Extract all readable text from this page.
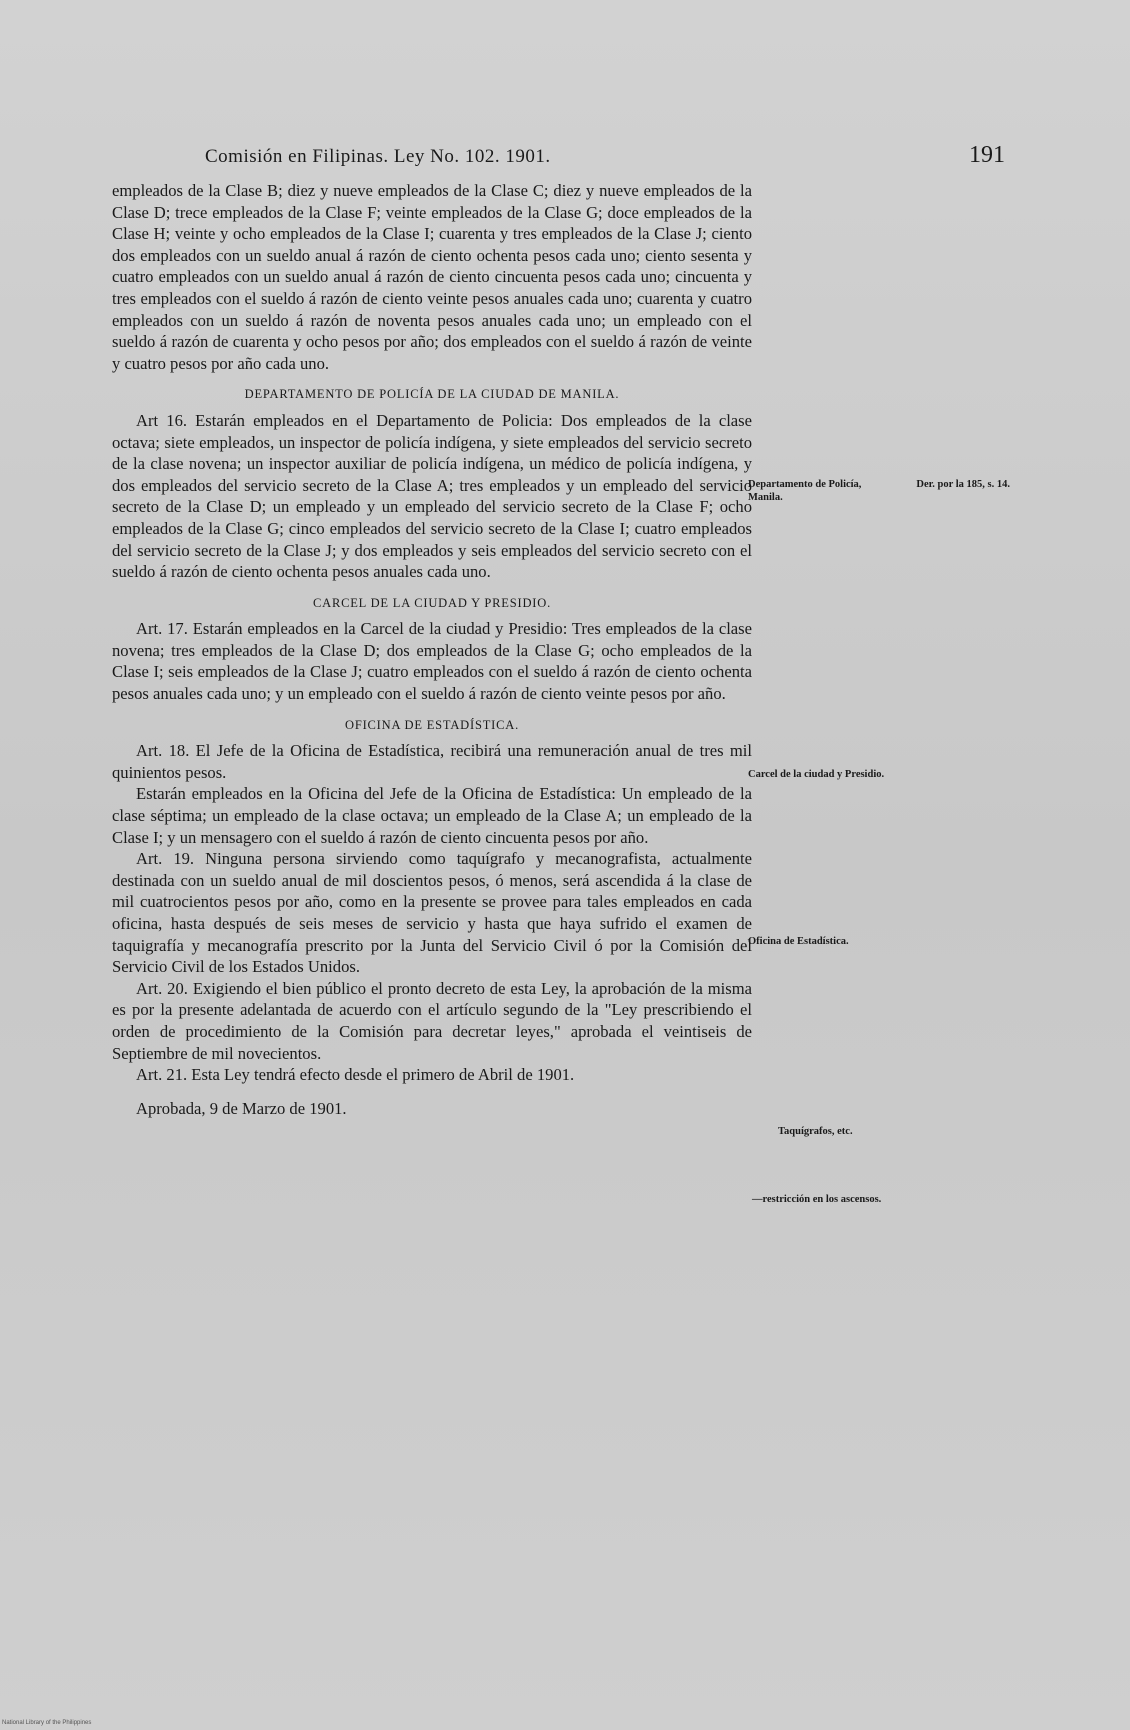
Comisión en Filipinas. Ley No. 102. 1901.	191

empleados de la Clase B; diez y nueve empleados de la Clase C; diez y nueve empleados de la Clase D; trece empleados de la Clase F; veinte empleados de la Clase G; doce empleados de la Clase H; veinte y ocho empleados de la Clase I; cuarenta y tres empleados de la Clase J; ciento dos empleados con un sueldo anual á razón de ciento ochenta pesos cada uno; ciento sesenta y cuatro empleados con un sueldo anual á razón de ciento cincuenta pesos cada uno; cincuenta y tres empleados con el sueldo á razón de ciento veinte pesos anuales cada uno; cuarenta y cuatro empleados con un sueldo á razón de noventa pesos anuales cada uno; un empleado con el sueldo á razón de cuarenta y ocho pesos por año; dos empleados con el sueldo á razón de veinte y cuatro pesos por año cada uno.

DEPARTAMENTO DE POLICÍA DE LA CIUDAD DE MANILA.

Art 16. Estarán empleados en el Departamento de Policia: Dos empleados de la clase octava; siete empleados, un inspector de policía indígena, y siete empleados del servicio secreto de la clase novena; un inspector auxiliar de policía indígena, un médico de policía indígena, y dos empleados del servicio secreto de la Clase A; tres empleados y un empleado del servicio secreto de la Clase D; un empleado y un empleado del servicio secreto de la Clase F; ocho empleados de la Clase G; cinco empleados del servicio secreto de la Clase I; cuatro empleados del servicio secreto de la Clase J; y dos empleados y seis empleados del servicio secreto con el sueldo á razón de ciento ochenta pesos anuales cada uno.

CARCEL DE LA CIUDAD Y PRESIDIO.

Art. 17. Estarán empleados en la Carcel de la ciudad y Presidio: Tres empleados de la clase novena; tres empleados de la Clase D; dos empleados de la Clase G; ocho empleados de la Clase I; seis empleados de la Clase J; cuatro empleados con el sueldo á razón de ciento ochenta pesos anuales cada uno; y un empleado con el sueldo á razón de ciento veinte pesos por año.

OFICINA DE ESTADÍSTICA.

Art. 18. El Jefe de la Oficina de Estadística, recibirá una remuneración anual de tres mil quinientos pesos.

Estarán empleados en la Oficina del Jefe de la Oficina de Estadística: Un empleado de la clase séptima; un empleado de la clase octava; un empleado de la Clase A; un empleado de la Clase I; y un mensagero con el sueldo á razón de ciento cincuenta pesos por año.

Art. 19. Ninguna persona sirviendo como taquígrafo y mecanografista, actualmente destinada con un sueldo anual de mil doscientos pesos, ó menos, será ascendida á la clase de mil cuatrocientos pesos por año, como en la presente se provee para tales empleados en cada oficina, hasta después de seis meses de servicio y hasta que haya sufrido el examen de taquigrafía y mecanografía prescrito por la Junta del Servicio Civil ó por la Comisión del Servicio Civil de los Estados Unidos.

Art. 20. Exigiendo el bien público el pronto decreto de esta Ley, la aprobación de la misma es por la presente adelantada de acuerdo con el artículo segundo de la "Ley prescribiendo el orden de procedimiento de la Comisión para decretar leyes," aprobada el veintiseis de Septiembre de mil novecientos.

Art. 21. Esta Ley tendrá efecto desde el primero de Abril de 1901.

Aprobada, 9 de Marzo de 1901.

Departamento de Policía, Manila.
Der. por la 185, s. 14.
Carcel de la ciudad y Presidio.
Oficina de Estadística.
Taquígrafos, etc.
—restricción en los ascensos.
National Library of the Philippines
